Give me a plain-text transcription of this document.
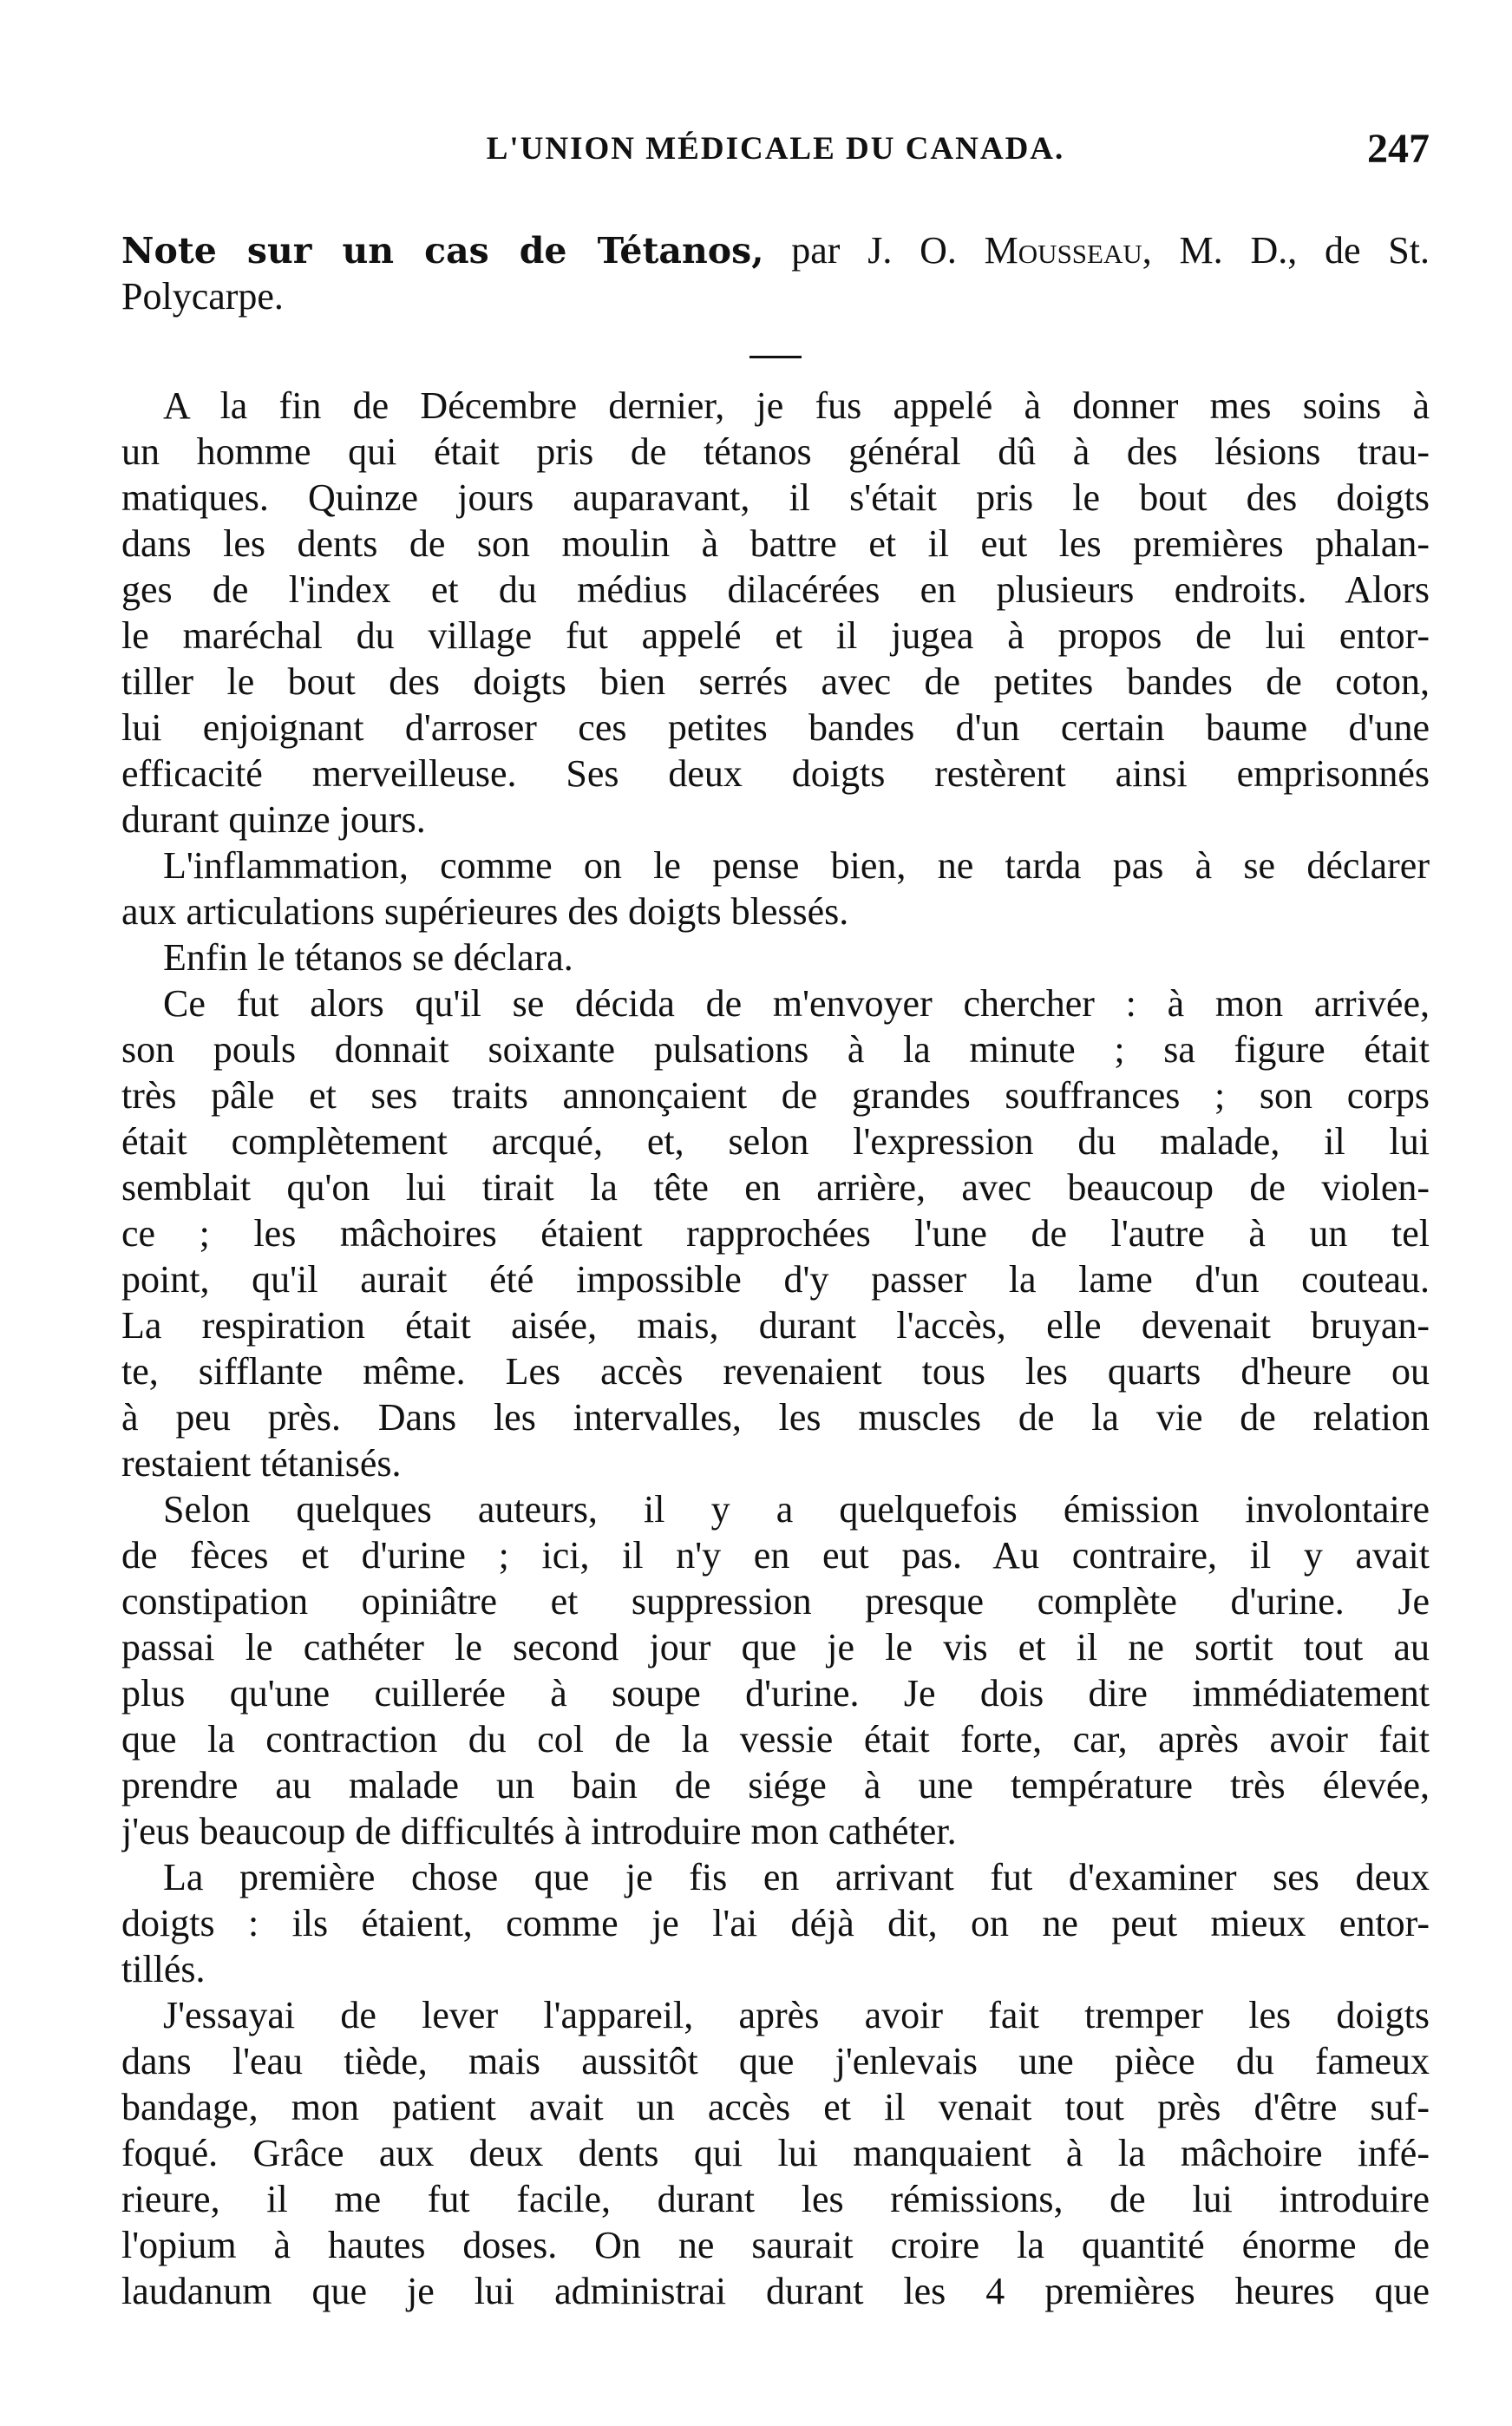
L'UNION MÉDICALE DU CANADA.	247
Note sur un cas de Tétanos, par J. O. Mousseau, M. D., de St.
Polycarpe.
A la fin de Décembre dernier, je fus appelé à donner mes soins à
un homme qui était pris de tétanos général dû à des lésions trau-
matiques. Quinze jours auparavant, il s'était pris le bout des doigts
dans les dents de son moulin à battre et il eut les premières phalan-
ges de l'index et du médius dilacérées en plusieurs endroits. Alors
le maréchal du village fut appelé et il jugea à propos de lui entor-
tiller le bout des doigts bien serrés avec de petites bandes de coton,
lui enjoignant d'arroser ces petites bandes d'un certain baume d'une
efficacité merveilleuse. Ses deux doigts restèrent ainsi emprisonnés
durant quinze jours.
L'inflammation, comme on le pense bien, ne tarda pas à se déclarer
aux articulations supérieures des doigts blessés.
Enfin le tétanos se déclara.
Ce fut alors qu'il se décida de m'envoyer chercher : à mon arrivée,
son pouls donnait soixante pulsations à la minute ; sa figure était
très pâle et ses traits annonçaient de grandes souffrances ; son corps
était complètement arcqué, et, selon l'expression du malade, il lui
semblait qu'on lui tirait la tête en arrière, avec beaucoup de violen-
ce ; les mâchoires étaient rapprochées l'une de l'autre à un tel
point, qu'il aurait été impossible d'y passer la lame d'un couteau.
La respiration était aisée, mais, durant l'accès, elle devenait bruyan-
te, sifflante même. Les accès revenaient tous les quarts d'heure ou
à peu près. Dans les intervalles, les muscles de la vie de relation
restaient tétanisés.
Selon quelques auteurs, il y a quelquefois émission involontaire
de fèces et d'urine ; ici, il n'y en eut pas. Au contraire, il y avait
constipation opiniâtre et suppression presque complète d'urine. Je
passai le cathéter le second jour que je le vis et il ne sortit tout au
plus qu'une cuillerée à soupe d'urine. Je dois dire immédiatement
que la contraction du col de la vessie était forte, car, après avoir fait
prendre au malade un bain de siége à une température très élevée,
j'eus beaucoup de difficultés à introduire mon cathéter.
La première chose que je fis en arrivant fut d'examiner ses deux
doigts : ils étaient, comme je l'ai déjà dit, on ne peut mieux entor-
tillés.
J'essayai de lever l'appareil, après avoir fait tremper les doigts
dans l'eau tiède, mais aussitôt que j'enlevais une pièce du fameux
bandage, mon patient avait un accès et il venait tout près d'être suf-
foqué. Grâce aux deux dents qui lui manquaient à la mâchoire infé-
rieure, il me fut facile, durant les rémissions, de lui introduire
l'opium à hautes doses. On ne saurait croire la quantité énorme de
laudanum que je lui administrai durant les 4 premières heures que
